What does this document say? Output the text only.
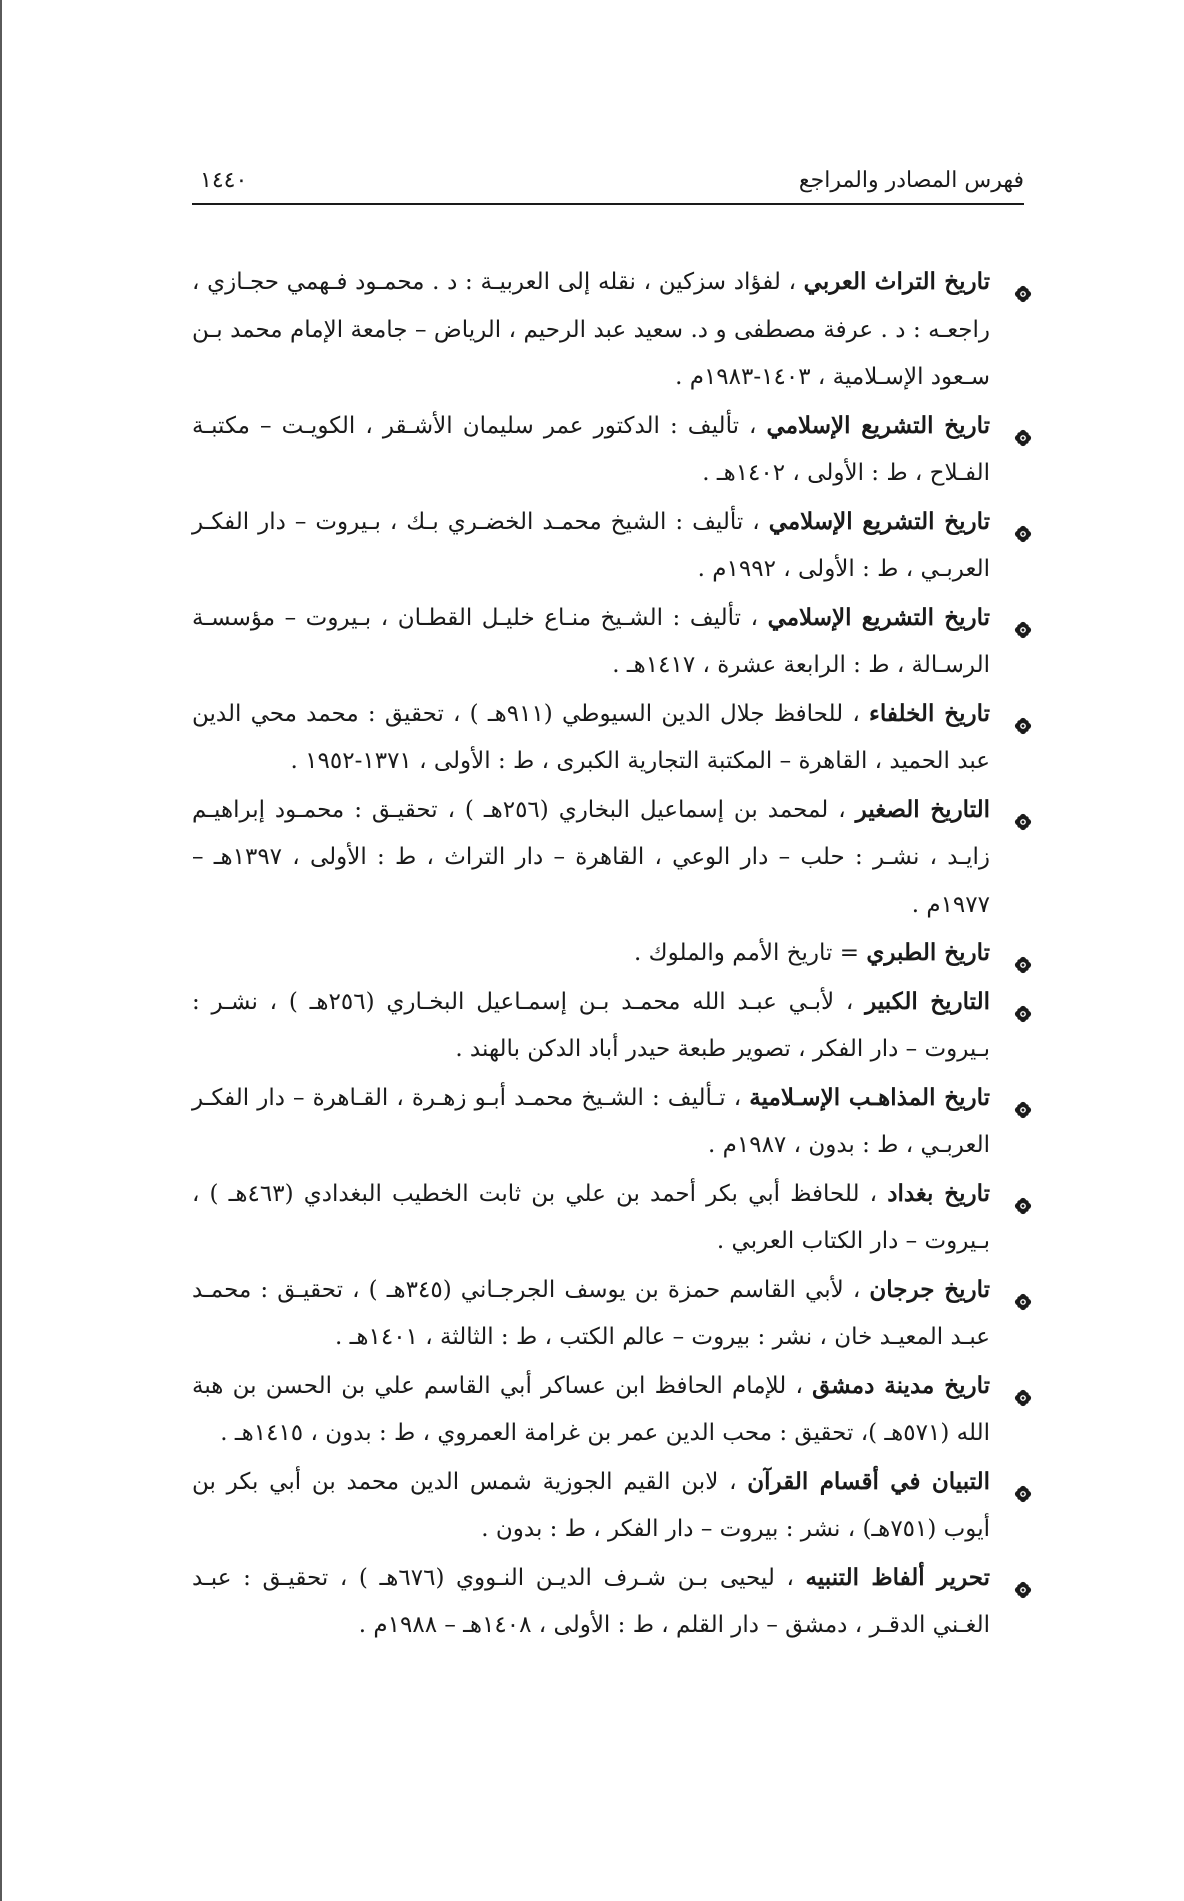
فهرس المصادر والمراجع
١٤٤٠
تاريخ التراث العربي ، لفؤاد سزكين ، نقله إلى العربيـة : د . محمـود فـهمي حجـازي ، راجعـه : د . عرفة مصطفى و د. سعيد عبد الرحيم ، الرياض – جامعة الإمام محمد بـن سـعود الإسـلامية ، ١٤٠٣-١٩٨٣م .
تاريخ التشريع الإسلامي ، تأليف : الدكتور عمر سليمان الأشـقر ، الكويـت – مكتبـة الفـلاح ، ط : الأولى ، ١٤٠٢هـ .
تاريخ التشريع الإسلامي ، تأليف : الشيخ محمـد الخضـري بـك ، بـيروت – دار الفكـر العربـي ، ط : الأولى ، ١٩٩٢م .
تاريخ التشريع الإسلامي ، تأليف : الشـيخ منـاع خليـل القطـان ، بـيروت – مؤسسـة الرسـالة ، ط : الرابعة عشرة ، ١٤١٧هـ .
تاريخ الخلفاء ، للحافظ جلال الدين السيوطي (٩١١هـ ) ، تحقيق : محمد محي الدين عبد الحميد ، القاهرة – المكتبة التجارية الكبرى ، ط : الأولى ، ١٣٧١-١٩٥٢ .
التاريخ الصغير ، لمحمد بن إسماعيل البخاري (٢٥٦هـ ) ، تحقيـق : محمـود إبراهيـم زايـد ، نشـر : حلب – دار الوعي ، القاهرة – دار التراث ، ط : الأولى ، ١٣٩٧هـ – ١٩٧٧م .
تاريخ الطبري = تاريخ الأمم والملوك .
التاريخ الكبير ، لأبـي عبـد الله محمـد بـن إسمـاعيل البخـاري (٢٥٦هـ ) ، نشـر : بـيروت – دار الفكر ، تصوير طبعة حيدر أباد الدكن بالهند .
تاريخ المذاهـب الإسـلامية ، تـأليف : الشـيخ محمـد أبـو زهـرة ، القـاهرة – دار الفكـر العربـي ، ط : بدون ، ١٩٨٧م .
تاريخ بغداد ، للحافظ أبي بكر أحمد بن علي بن ثابت الخطيب البغدادي (٤٦٣هـ ) ، بـيروت – دار الكتاب العربي .
تاريخ جرجان ، لأبي القاسم حمزة بن يوسف الجرجـاني (٣٤٥هـ ) ، تحقيـق : محمـد عبـد المعيـد خان ، نشر : بيروت – عالم الكتب ، ط : الثالثة ، ١٤٠١هـ .
تاريخ مدينة دمشق ، للإمام الحافظ ابن عساكر أبي القاسم علي بن الحسن بن هبة الله (٥٧١هـ )، تحقيق : محب الدين عمر بن غرامة العمروي ، ط : بدون ، ١٤١٥هـ .
التبيان في أقسام القرآن ، لابن القيم الجوزية شمس الدين محمد بن أبي بكر بن أيوب (٧٥١هـ) ، نشر : بيروت – دار الفكر ، ط : بدون .
تحرير ألفاظ التنبيه ، ليحيى بـن شـرف الديـن النـووي (٦٧٦هـ ) ، تحقيـق : عبـد الغـني الدقـر ، دمشق – دار القلم ، ط : الأولى ، ١٤٠٨هـ – ١٩٨٨م .
